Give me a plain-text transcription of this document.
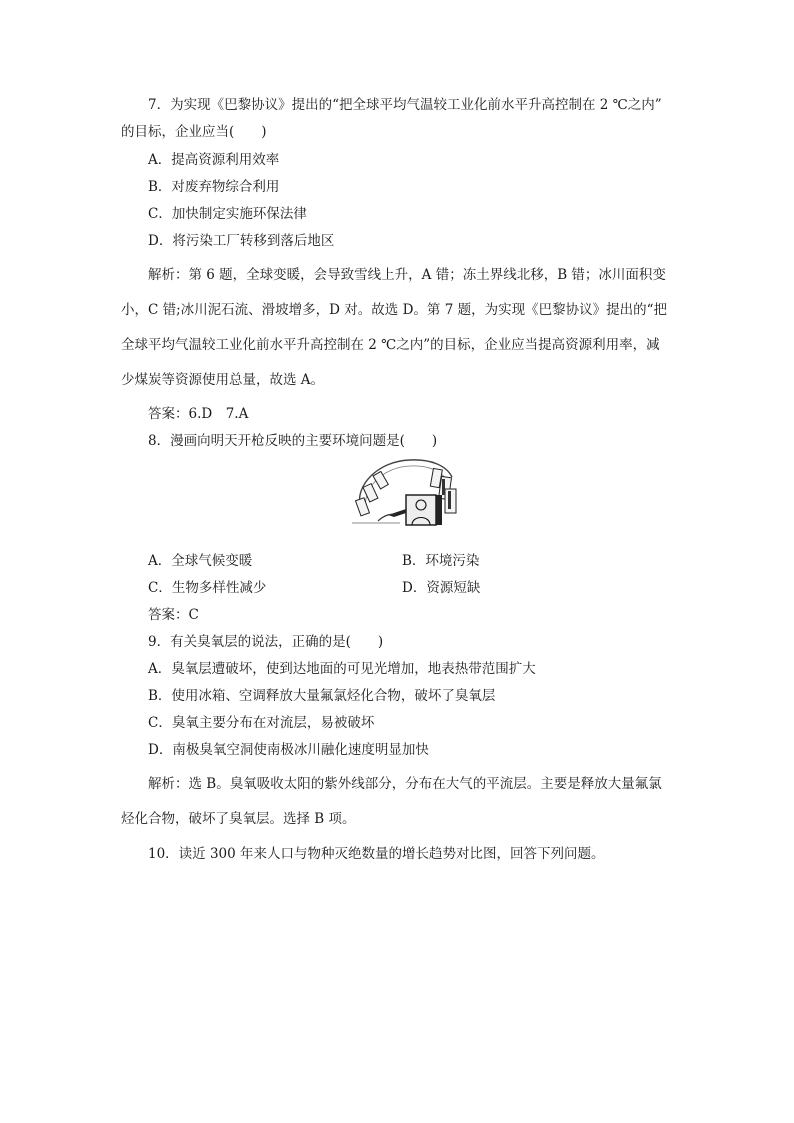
7．为实现《巴黎协议》提出的“把全球平均气温较工业化前水平升高控制在 2 ℃之内”
的目标，企业应当(　　)
A．提高资源利用效率
B．对废弃物综合利用
C．加快制定实施环保法律
D．将污染工厂转移到落后地区
解析：第 6 题，全球变暖，会导致雪线上升，A 错；冻土界线北移，B 错；冰川面积变
小，C 错;冰川泥石流、滑坡增多，D 对。故选 D。第 7 题，为实现《巴黎协议》提出的“把
全球平均气温较工业化前水平升高控制在 2 ℃之内”的目标，企业应当提高资源利用率，减
少煤炭等资源使用总量，故选 A。
答案：6.D　7.A
8．漫画向明天开枪反映的主要环境问题是(　　)
A．全球气候变暖	B．环境污染
C．生物多样性减少	D．资源短缺
答案：C
9．有关臭氧层的说法，正确的是(　　)
A．臭氧层遭破坏，使到达地面的可见光增加，地表热带范围扩大
B．使用冰箱、空调释放大量氟氯烃化合物，破坏了臭氧层
C．臭氧主要分布在对流层，易被破坏
D．南极臭氧空洞使南极冰川融化速度明显加快
解析：选 B。臭氧吸收太阳的紫外线部分，分布在大气的平流层。主要是释放大量氟氯
烃化合物，破坏了臭氧层。选择 B 项。
10．读近 300 年来人口与物种灭绝数量的增长趋势对比图，回答下列问题。
